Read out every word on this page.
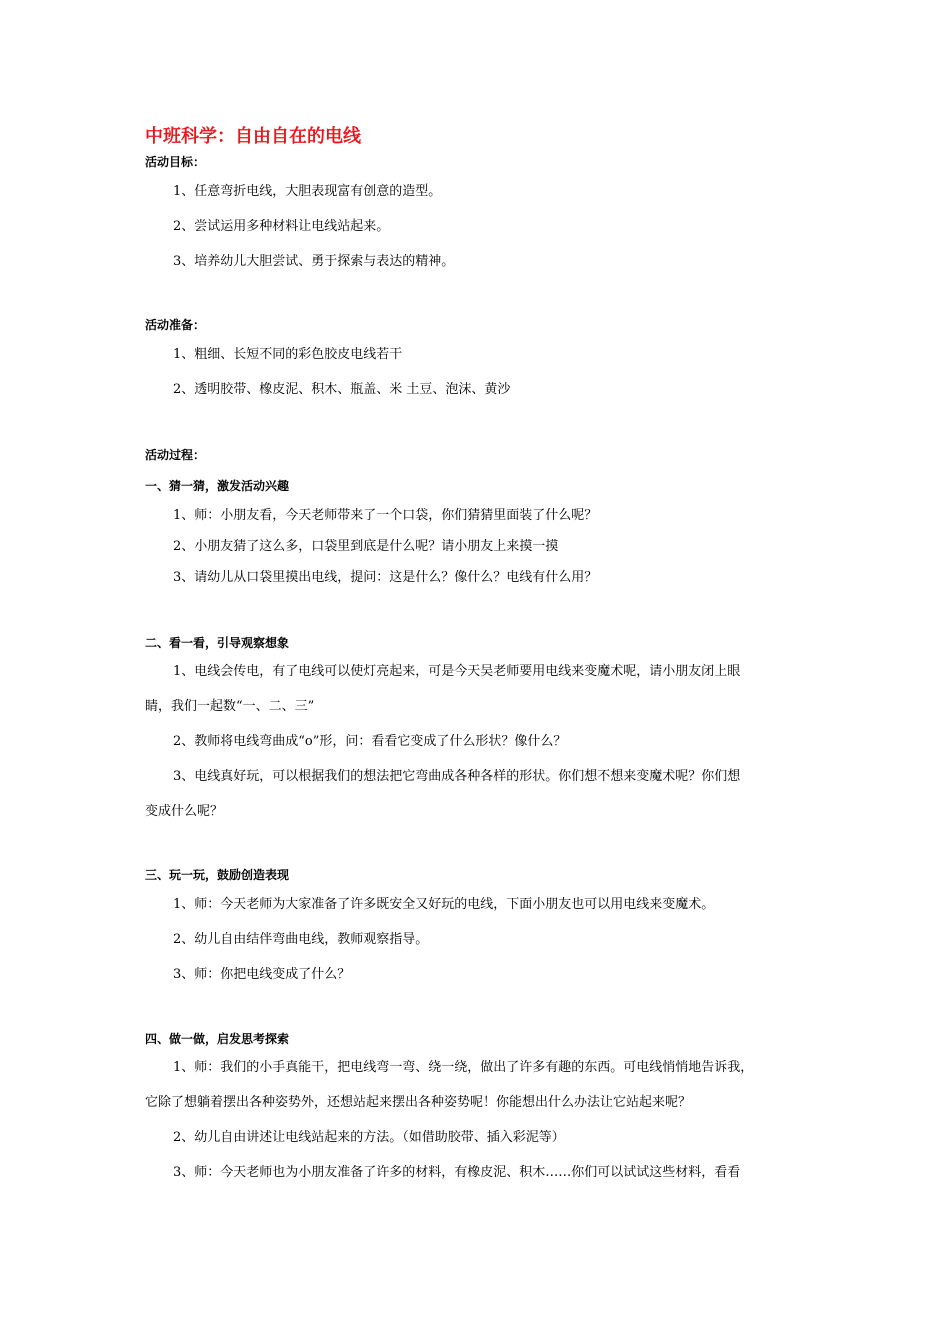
中班科学：自由自在的电线
活动目标：
1、任意弯折电线，大胆表现富有创意的造型。
2、尝试运用多种材料让电线站起来。
3、培养幼儿大胆尝试、勇于探索与表达的精神。
活动准备：
1、粗细、长短不同的彩色胶皮电线若干
2、透明胶带、橡皮泥、积木、瓶盖、米 土豆、泡沫、黄沙
活动过程：
一、猜一猜，激发活动兴趣
1、师：小朋友看，今天老师带来了一个口袋，你们猜猜里面装了什么呢？
2、小朋友猜了这么多，口袋里到底是什么呢？请小朋友上来摸一摸
3、请幼儿从口袋里摸出电线，提问：这是什么？像什么？电线有什么用？
二、看一看，引导观察想象
1、电线会传电，有了电线可以使灯亮起来，可是今天吴老师要用电线来变魔术呢，请小朋友闭上眼
睛，我们一起数“一、二、三”
2、教师将电线弯曲成“o”形，问：看看它变成了什么形状？像什么？
3、电线真好玩，可以根据我们的想法把它弯曲成各种各样的形状。你们想不想来变魔术呢？你们想
变成什么呢？
三、玩一玩，鼓励创造表现
1、师：今天老师为大家准备了许多既安全又好玩的电线，下面小朋友也可以用电线来变魔术。
2、幼儿自由结伴弯曲电线，教师观察指导。
3、师：你把电线变成了什么？
四、做一做，启发思考探索
1、师：我们的小手真能干，把电线弯一弯、绕一绕，做出了许多有趣的东西。可电线悄悄地告诉我，
它除了想躺着摆出各种姿势外，还想站起来摆出各种姿势呢！你能想出什么办法让它站起来呢？
2、幼儿自由讲述让电线站起来的方法。（如借助胶带、插入彩泥等）
3、师：今天老师也为小朋友准备了许多的材料，有橡皮泥、积木……你们可以试试这些材料，看看
